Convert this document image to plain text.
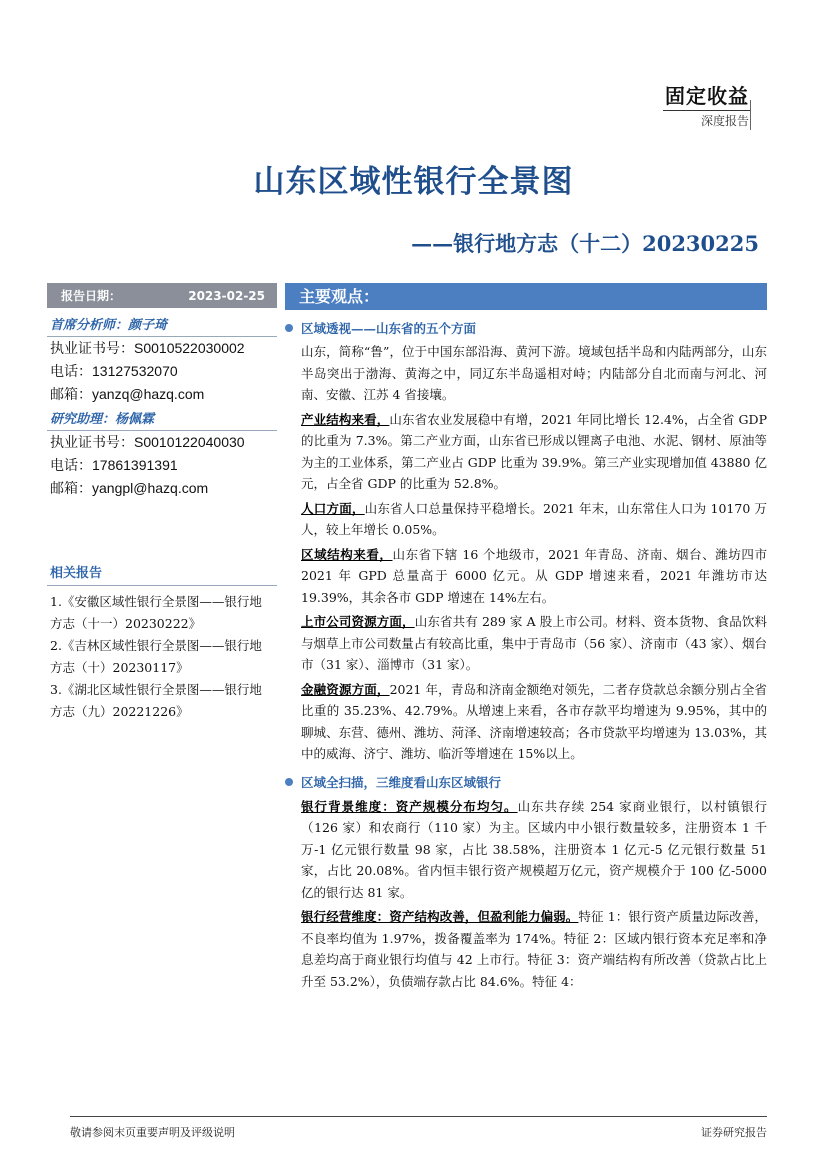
固定收益
深度报告
山东区域性银行全景图
——银行地方志（十二）20230225
报告日期：	2023-02-25
首席分析师：颜子琦
执业证书号：S0010522030002
电话：13127532070
邮箱：yanzq@hazq.com
研究助理：杨佩霖
执业证书号：S0010122040030
电话：17861391391
邮箱：yangpl@hazq.com
相关报告
1.《安徽区域性银行全景图——银行地
方志（十一）20230222》
2.《吉林区域性银行全景图——银行地
方志（十）20230117》
3.《湖北区域性银行全景图——银行地
方志（九）20221226》
主要观点：
区域透视——山东省的五个方面
山东，简称“鲁”，位于中国东部沿海、黄河下游。境域包括半岛和内陆两部分，山东半岛突出于渤海、黄海之中，同辽东半岛遥相对峙；内陆部分自北而南与河北、河南、安徽、江苏 4 省接壤。
产业结构来看，山东省农业发展稳中有增，2021 年同比增长 12.4%，占全省 GDP 的比重为 7.3%。第二产业方面，山东省已形成以锂离子电池、水泥、钢材、原油等为主的工业体系，第二产业占 GDP 比重为 39.9%。第三产业实现增加值 43880 亿元，占全省 GDP 的比重为 52.8%。
人口方面，山东省人口总量保持平稳增长。2021 年末，山东常住人口为 10170 万人，较上年增长 0.05%。
区域结构来看，山东省下辖 16 个地级市，2021 年青岛、济南、烟台、潍坊四市 2021 年 GPD 总量高于 6000 亿元。从 GDP 增速来看，2021 年潍坊市达 19.39%，其余各市 GDP 增速在 14%左右。
上市公司资源方面，山东省共有 289 家 A 股上市公司。材料、资本货物、食品饮料与烟草上市公司数量占有较高比重，集中于青岛市（56 家）、济南市（43 家）、烟台市（31 家）、淄博市（31 家）。
金融资源方面，2021 年，青岛和济南金额绝对领先，二者存贷款总余额分别占全省比重的 35.23%、42.79%。从增速上来看，各市存款平均增速为 9.95%，其中的聊城、东营、德州、潍坊、菏泽、济南增速较高；各市贷款平均增速为 13.03%，其中的威海、济宁、潍坊、临沂等增速在 15%以上。
区域全扫描，三维度看山东区域银行
银行背景维度：资产规模分布均匀。山东共存续 254 家商业银行，以村镇银行（126 家）和农商行（110 家）为主。区域内中小银行数量较多，注册资本 1 千万-1 亿元银行数量 98 家，占比 38.58%，注册资本 1 亿元-5 亿元银行数量 51 家，占比 20.08%。省内恒丰银行资产规模超万亿元，资产规模介于 100 亿-5000 亿的银行达 81 家。
银行经营维度：资产结构改善，但盈利能力偏弱。特征 1：银行资产质量边际改善，不良率均值为 1.97%，拨备覆盖率为 174%。特征 2：区域内银行资本充足率和净息差均高于商业银行均值与 42 上市行。特征 3：资产端结构有所改善（贷款占比上升至 53.2%），负债端存款占比 84.6%。特征 4：
敬请参阅末页重要声明及评级说明	证券研究报告
